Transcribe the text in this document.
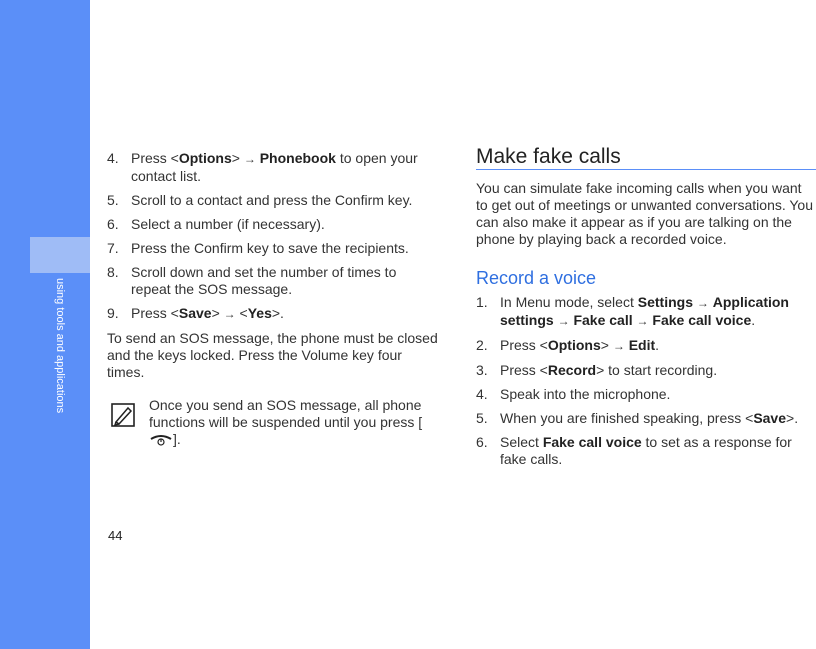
using tools and applications
44
4. Press <Options> → Phonebook to open your contact list.
5. Scroll to a contact and press the Confirm key.
6. Select a number (if necessary).
7. Press the Confirm key to save the recipients.
8. Scroll down and set the number of times to repeat the SOS message.
9. Press <Save> → <Yes>.

To send an SOS message, the phone must be closed and the keys locked. Press the Volume key four times.

Once you send an SOS message, all phone functions will be suspended until you press [].

Make fake calls

You can simulate fake incoming calls when you want to get out of meetings or unwanted conversations. You can also make it appear as if you are talking on the phone by playing back a recorded voice.

Record a voice
1. In Menu mode, select Settings → Application settings → Fake call → Fake call voice.
2. Press <Options> → Edit.
3. Press <Record> to start recording.
4. Speak into the microphone.
5. When you are finished speaking, press <Save>.
6. Select Fake call voice to set as a response for fake calls.
